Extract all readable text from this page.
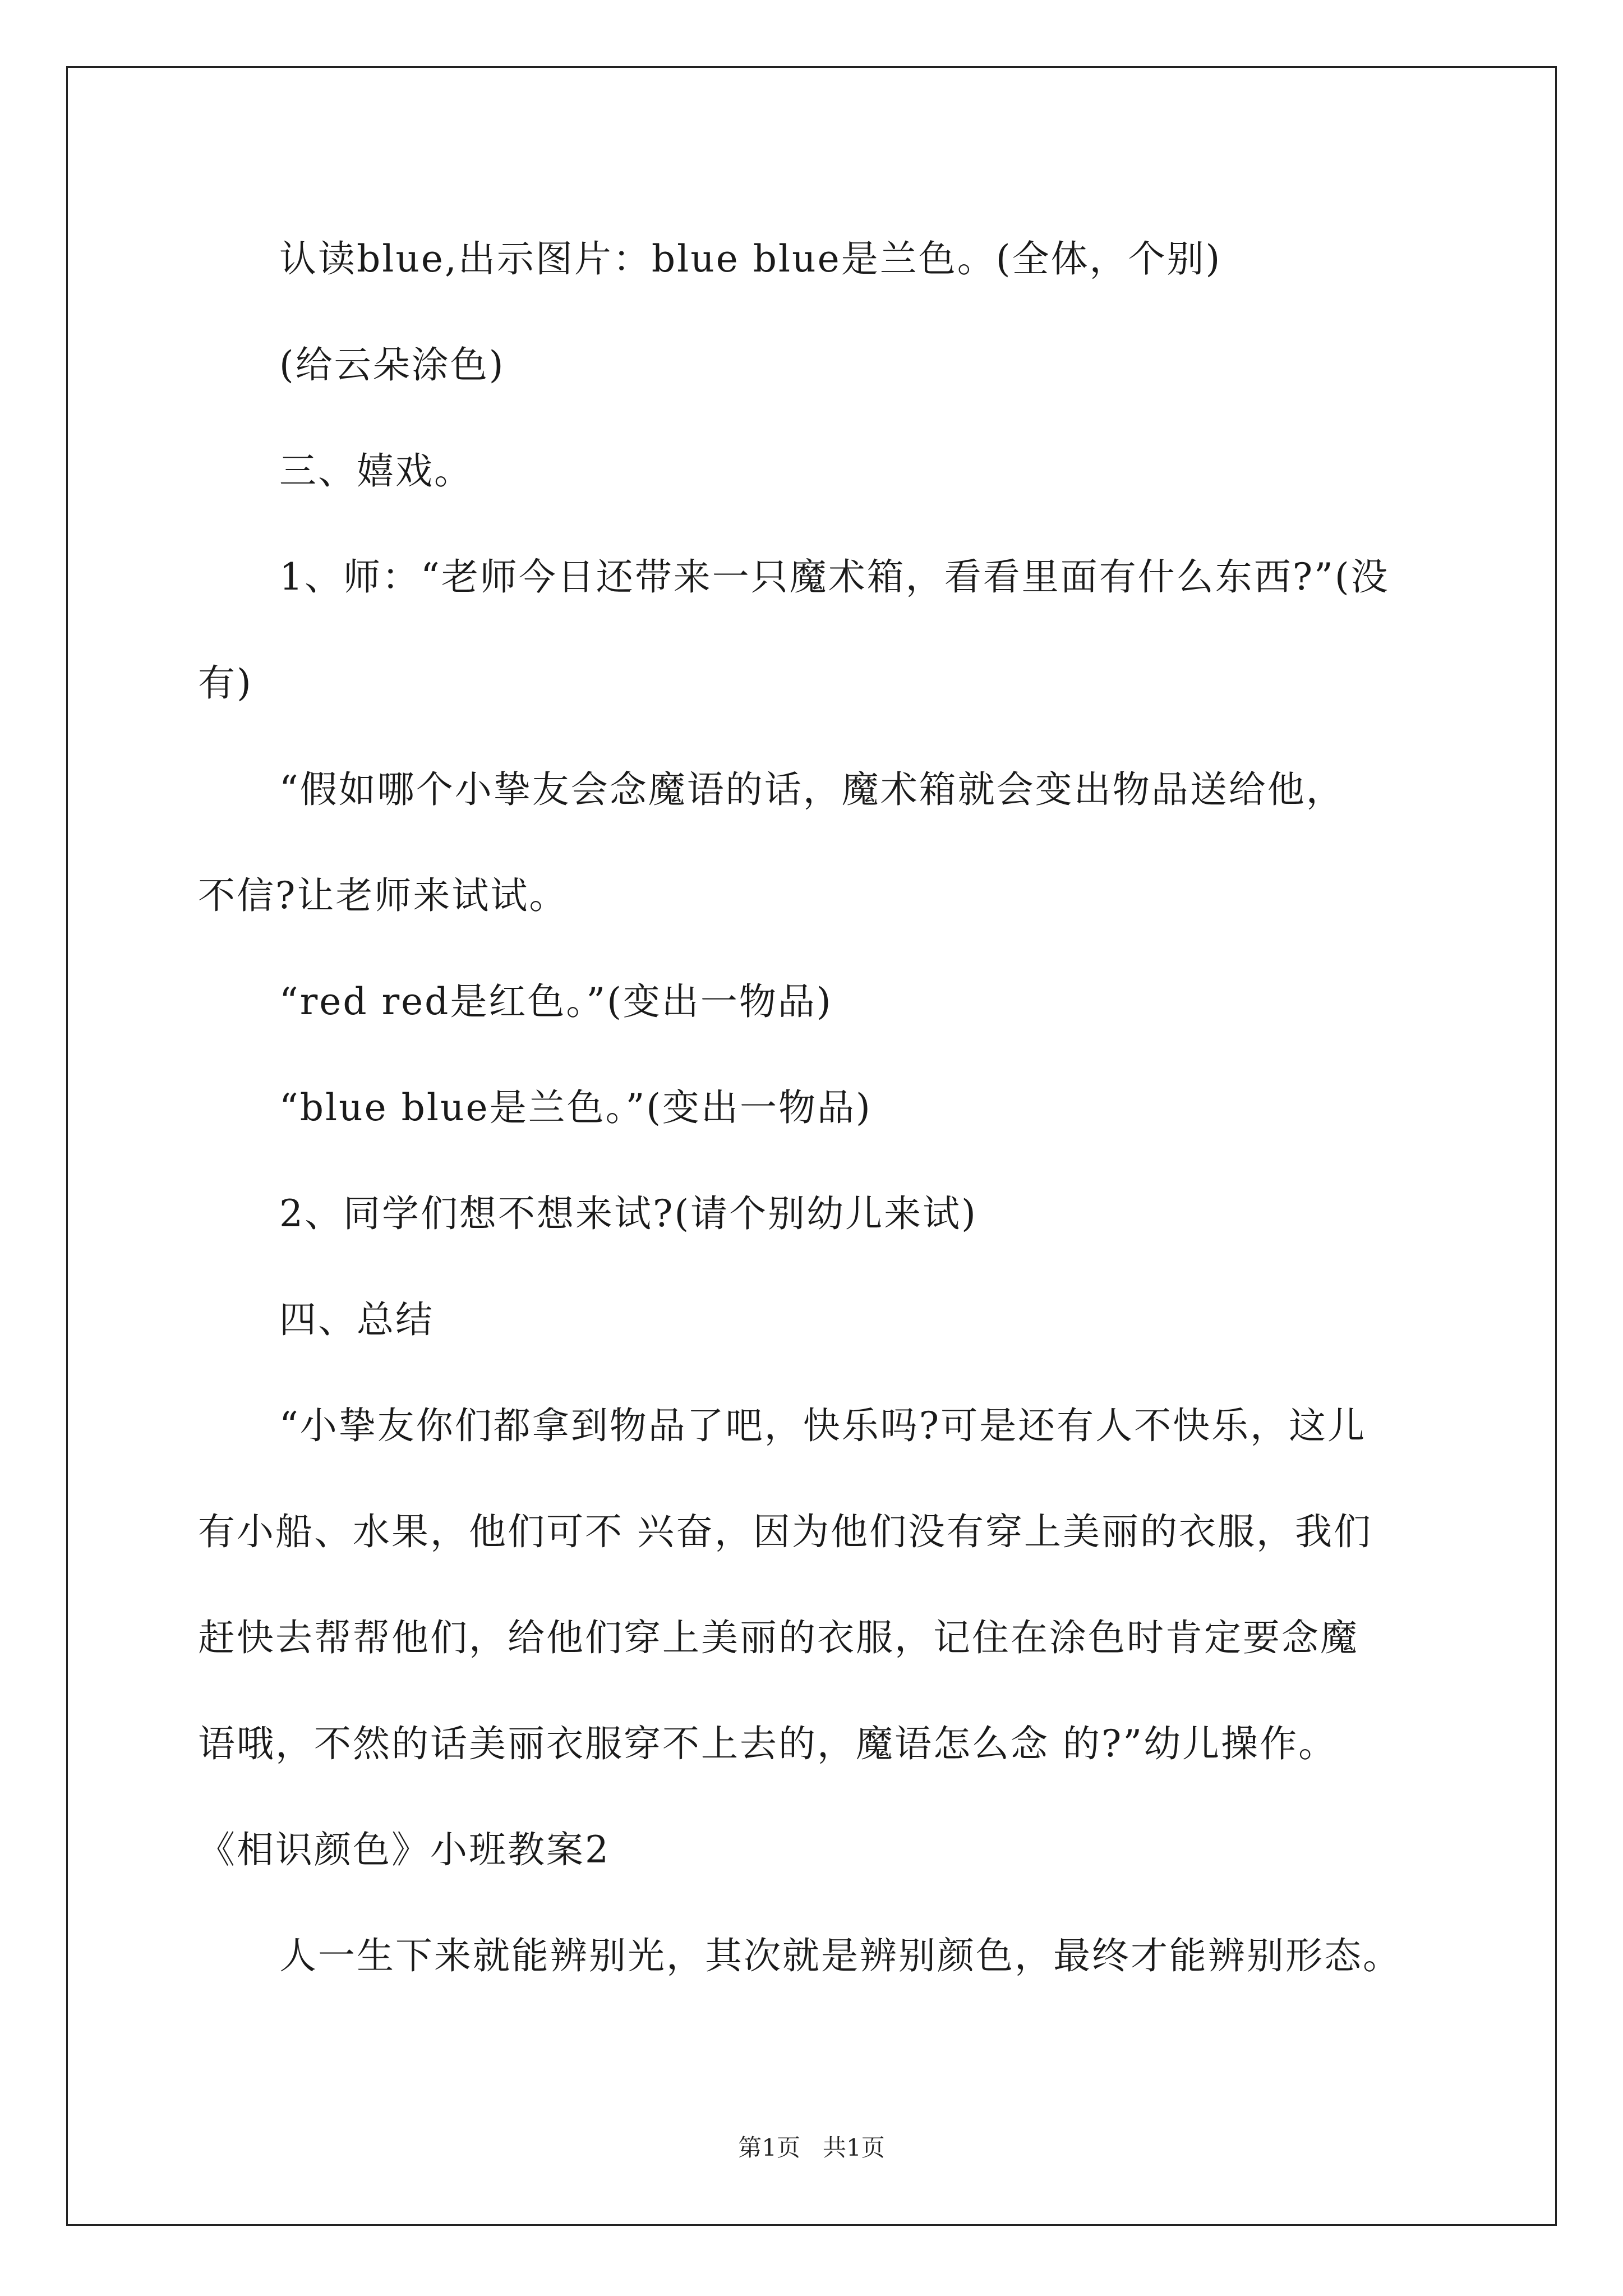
认读blue,出示图片：blue blue是兰色。(全体，个别)
(给云朵涂色)
三、嬉戏。
1、师：“老师今日还带来一只魔术箱，看看里面有什么东西?”(没
有)
“假如哪个小挚友会念魔语的话，魔术箱就会变出物品送给他，
不信?让老师来试试。
“red red是红色。”(变出一物品)
“blue blue是兰色。”(变出一物品)
2、同学们想不想来试?(请个别幼儿来试)
四、总结
“小挚友你们都拿到物品了吧，快乐吗?可是还有人不快乐，这儿
有小船、水果，他们可不 兴奋，因为他们没有穿上美丽的衣服，我们
赶快去帮帮他们，给他们穿上美丽的衣服，记住在涂色时肯定要念魔
语哦，不然的话美丽衣服穿不上去的，魔语怎么念 的?”幼儿操作。
《相识颜色》小班教案2
人一生下来就能辨别光，其次就是辨别颜色，最终才能辨别形态。
第1页 共1页
